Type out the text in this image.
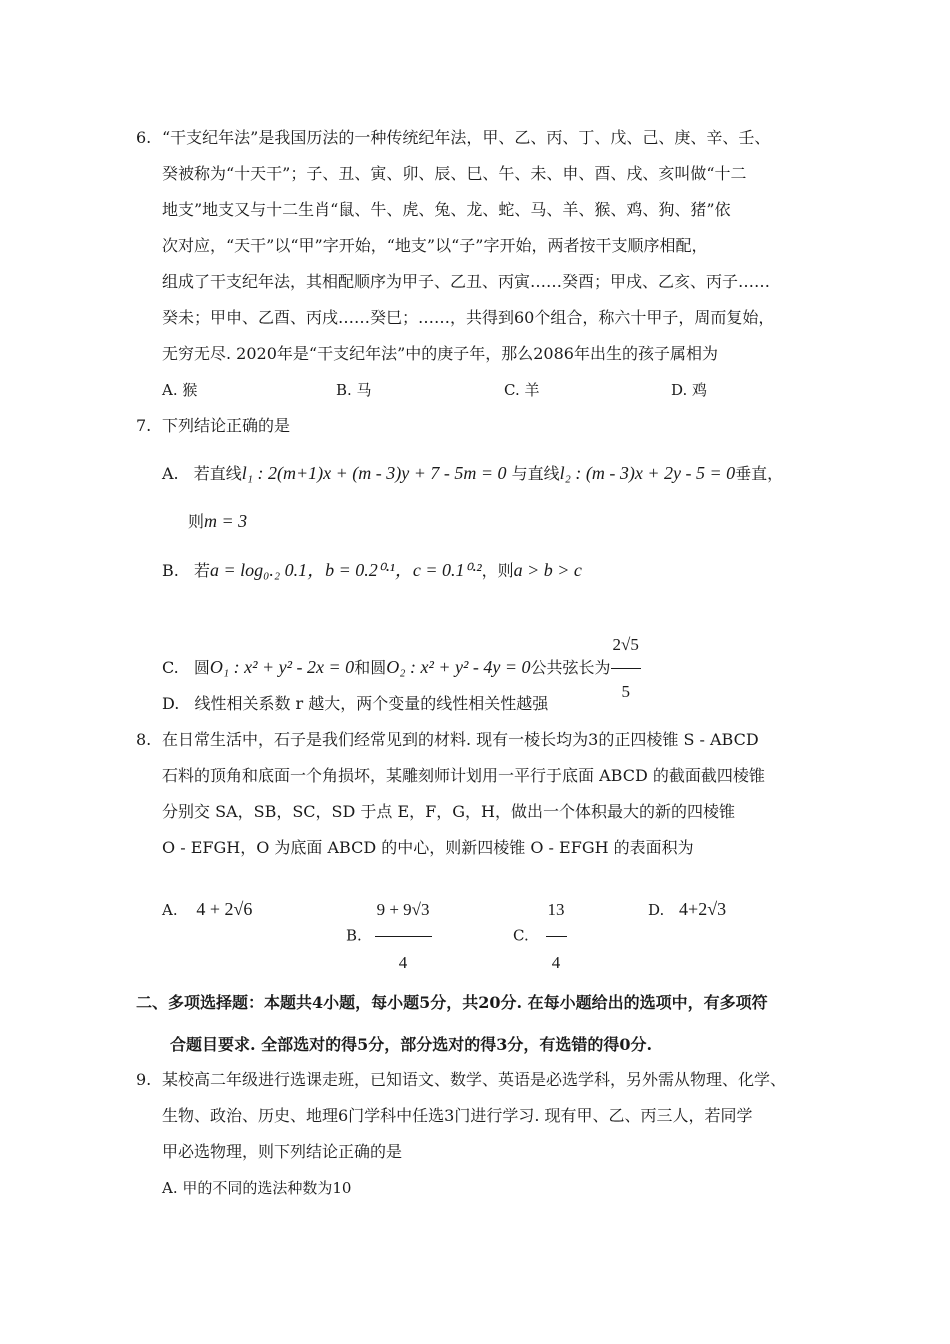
6. “干支纪年法”是我国历法的一种传统纪年法，甲、乙、丙、丁、戊、己、庚、辛、壬、
癸被称为“十天干”；子、丑、寅、卯、辰、巳、午、未、申、酉、戌、亥叫做“十二
地支”地支又与十二生肖“鼠、牛、虎、兔、龙、蛇、马、羊、猴、鸡、狗、猪”依
次对应，“天干”以“甲”字开始，“地支”以“子”字开始，两者按干支顺序相配，
组成了干支纪年法，其相配顺序为甲子、乙丑、丙寅……癸酉；甲戌、乙亥、丙子……
癸未；甲申、乙酉、丙戌……癸巳；……，共得到60个组合，称六十甲子，周而复始，
无穷无尽. 2020年是“干支纪年法”中的庚子年，那么2086年出生的孩子属相为
A. 猴	B. 马	C. 羊	D. 鸡
7. 下列结论正确的是
A. 若直线l₁ : 2(m+1)x + (m - 3)y + 7 - 5m = 0 与直线l₂ : (m - 3)x + 2y - 5 = 0垂直，
则m = 3
B. 若a = log₀.₂ 0.1，b = 0.2⁰·¹，c = 0.1⁰·²，则a > b > c
C. 圆O₁ : x² + y² - 2x = 0和圆O₂ : x² + y² - 4y = 0公共弦长为 $\frac{2√5}{5}$
D. 线性相关系数 r 越大，两个变量的线性相关性越强
8. 在日常生活中，石子是我们经常见到的材料. 现有一棱长均为3的正四棱锥 S - ABCD
石料的顶角和底面一个角损坏，某雕刻师计划用一平行于底面 ABCD 的截面截四棱锥
分别交 SA，SB，SC，SD 于点 E，F，G，H，做出一个体积最大的新的四棱锥
O - EFGH，O 为底面 ABCD 的中心，则新四棱锥 O - EFGH 的表面积为
A. 4 + 2√6
B. $\frac{9 + 9√3}{4}$	C. $\frac{13}{4}$	D. 4+2√3
二、多项选择题：本题共4小题，每小题5分，共20分. 在每小题给出的选项中，有多项符
合题目要求. 全部选对的得5分，部分选对的得3分，有选错的得0分.
9. 某校高二年级进行选课走班，已知语文、数学、英语是必选学科，另外需从物理、化学、
生物、政治、历史、地理6门学科中任选3门进行学习. 现有甲、乙、丙三人，若同学
甲必选物理，则下列结论正确的是
A. 甲的不同的选法种数为10
